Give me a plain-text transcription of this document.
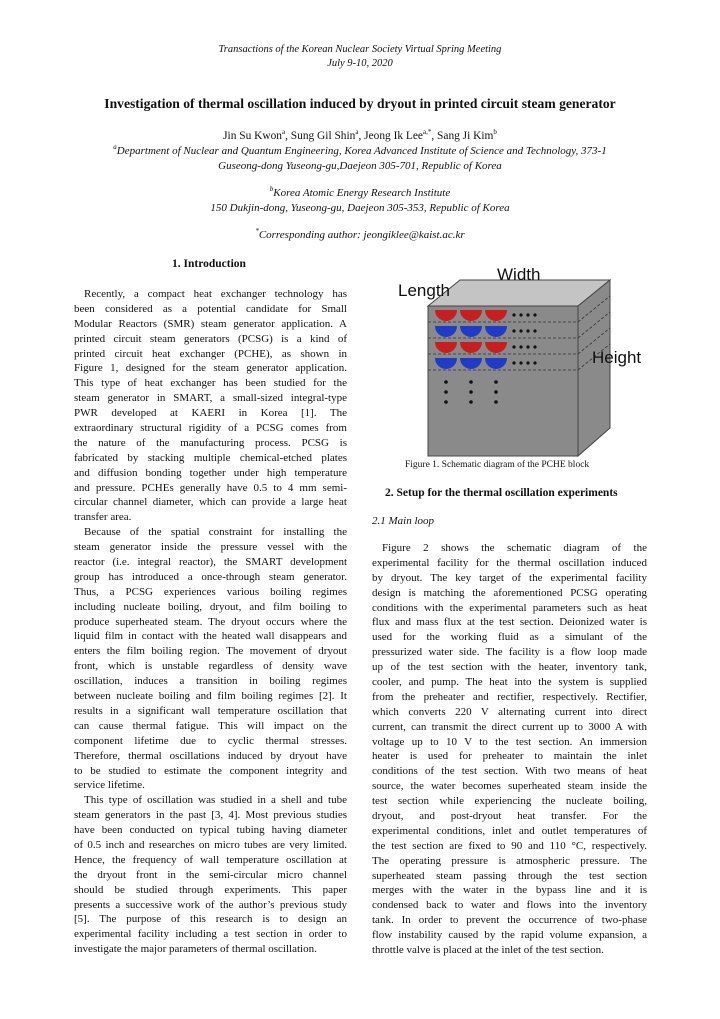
Transactions of the Korean Nuclear Society Virtual Spring Meeting
July 9-10, 2020
Investigation of thermal oscillation induced by dryout in printed circuit steam generator
Jin Su Kwon$^a$, Sung Gil Shin$^a$, Jeong Ik Lee$^{a,*}$, Sang Ji Kim$^b$
$^a$Department of Nuclear and Quantum Engineering, Korea Advanced Institute of Science and Technology, 373-1
Guseong-dong Yuseong-gu,Daejeon 305-701, Republic of Korea
$^b$Korea Atomic Energy Research Institute
150 Dukjin-dong, Yuseong-gu, Daejeon 305-353, Republic of Korea
*Corresponding author: jeongiklee@kaist.ac.kr
1. Introduction
Recently, a compact heat exchanger technology has
been considered as a potential candidate for Small
Modular Reactors (SMR) steam generator application. A
printed circuit steam generators (PCSG) is a kind of
printed circuit heat exchanger (PCHE), as shown in
Figure 1, designed for the steam generator application.
This type of heat exchanger has been studied for the
steam generator in SMART, a small-sized integral-type
PWR developed at KAERI in Korea [1]. The
extraordinary structural rigidity of a PCSG comes from
the nature of the manufacturing process. PCSG is
fabricated by stacking multiple chemical-etched plates
and diffusion bonding together under high temperature
and pressure. PCHEs generally have 0.5 to 4 mm semi-
circular channel diameter, which can provide a large heat
transfer area.
Because of the spatial constraint for installing the
steam generator inside the pressure vessel with the
reactor (i.e. integral reactor), the SMART development
group has introduced a once-through steam generator.
Thus, a PCSG experiences various boiling regimes
including nucleate boiling, dryout, and film boiling to
produce superheated steam. The dryout occurs where the
liquid film in contact with the heated wall disappears and
enters the film boiling region. The movement of dryout
front, which is unstable regardless of density wave
oscillation, induces a transition in boiling regimes
between nucleate boiling and film boiling regimes [2]. It
results in a significant wall temperature oscillation that
can cause thermal fatigue. This will impact on the
component lifetime due to cyclic thermal stresses.
Therefore, thermal oscillations induced by dryout have
to be studied to estimate the component integrity and
service lifetime.
This type of oscillation was studied in a shell and tube
steam generators in the past [3, 4]. Most previous studies
have been conducted on typical tubing having diameter
of 0.5 inch and researches on micro tubes are very limited.
Hence, the frequency of wall temperature oscillation at
the dryout front in the semi-circular micro channel
should be studied through experiments. This paper
presents a successive work of the author’s previous study
[5]. The purpose of this research is to design an
experimental facility including a test section in order to
investigate the major parameters of thermal oscillation.
Width
Length
Height
Figure 1. Schematic diagram of the PCHE block
2. Setup for the thermal oscillation experiments
2.1 Main loop
Figure 2 shows the schematic diagram of the
experimental facility for the thermal oscillation induced
by dryout. The key target of the experimental facility
design is matching the aforementioned PCSG operating
conditions with the experimental parameters such as heat
flux and mass flux at the test section. Deionized water is
used for the working fluid as a simulant of the
pressurized water side. The facility is a flow loop made
up of the test section with the heater, inventory tank,
cooler, and pump. The heat into the system is supplied
from the preheater and rectifier, respectively. Rectifier,
which converts 220 V alternating current into direct
current, can transmit the direct current up to 3000 A with
voltage up to 10 V to the test section. An immersion
heater is used for preheater to maintain the inlet
conditions of the test section. With two means of heat
source, the water becomes superheated steam inside the
test section while experiencing the nucleate boiling,
dryout, and post-dryout heat transfer. For the
experimental conditions, inlet and outlet temperatures of
the test section are fixed to 90 and 110 °C, respectively.
The operating pressure is atmospheric pressure. The
superheated steam passing through the test section
merges with the water in the bypass line and it is
condensed back to water and flows into the inventory
tank. In order to prevent the occurrence of two-phase
flow instability caused by the rapid volume expansion, a
throttle valve is placed at the inlet of the test section.
